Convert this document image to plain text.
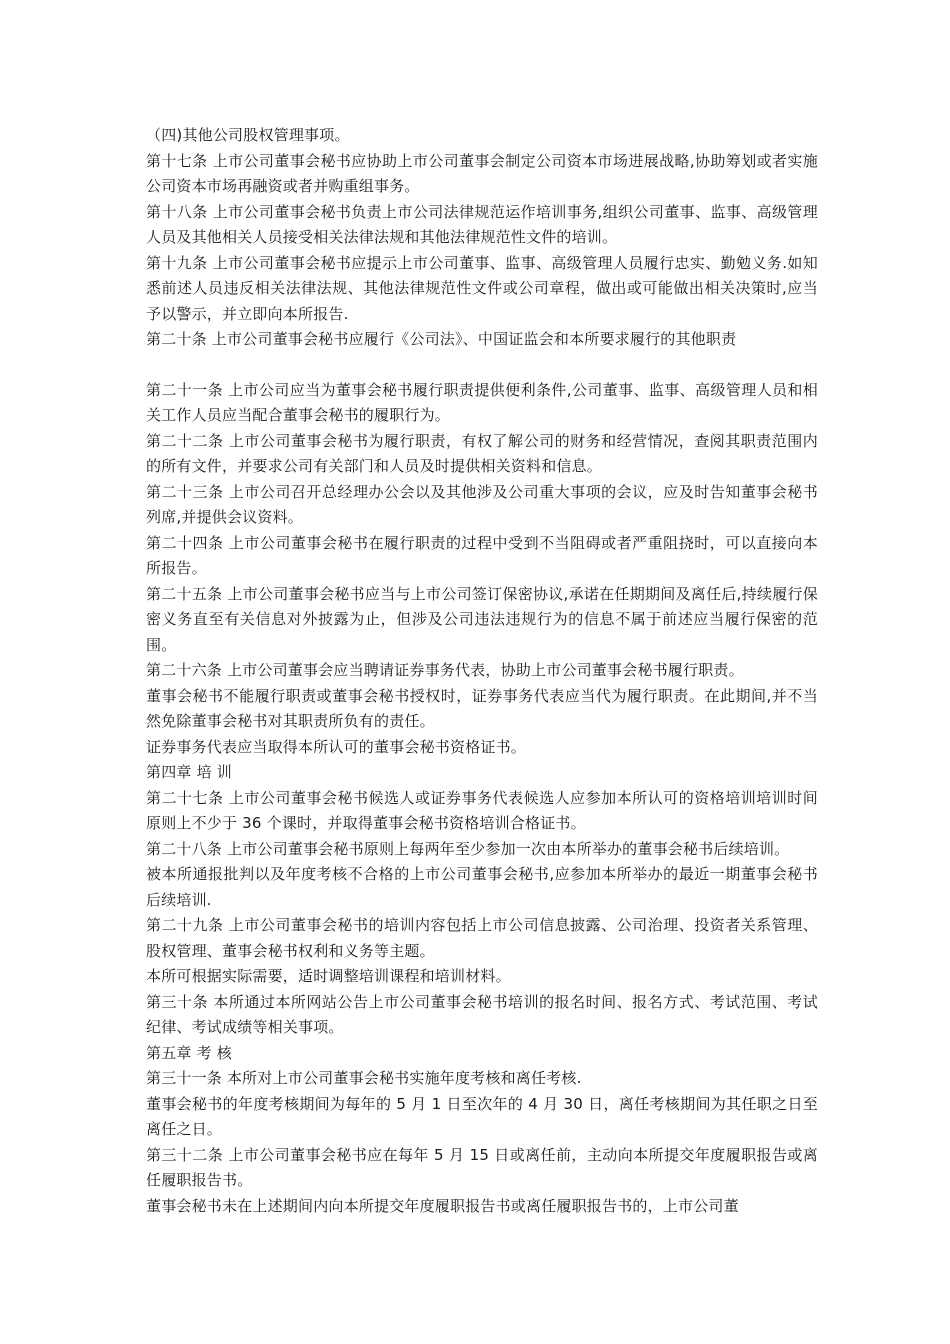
（四)其他公司股权管理事项。

第十七条 上市公司董事会秘书应协助上市公司董事会制定公司资本市场进展战略,协助筹划或者实施公司资本市场再融资或者并购重组事务。

第十八条 上市公司董事会秘书负责上市公司法律规范运作培训事务,组织公司董事、监事、高级管理人员及其他相关人员接受相关法律法规和其他法律规范性文件的培训。

第十九条 上市公司董事会秘书应提示上市公司董事、监事、高级管理人员履行忠实、勤勉义务.如知悉前述人员违反相关法律法规、其他法律规范性文件或公司章程，做出或可能做出相关决策时,应当予以警示，并立即向本所报告.

第二十条 上市公司董事会秘书应履行《公司法》、中国证监会和本所要求履行的其他职责

第二十一条 上市公司应当为董事会秘书履行职责提供便利条件,公司董事、监事、高级管理人员和相关工作人员应当配合董事会秘书的履职行为。

第二十二条 上市公司董事会秘书为履行职责，有权了解公司的财务和经营情况，查阅其职责范围内的所有文件，并要求公司有关部门和人员及时提供相关资料和信息。

第二十三条 上市公司召开总经理办公会以及其他涉及公司重大事项的会议，应及时告知董事会秘书列席,并提供会议资料。

第二十四条 上市公司董事会秘书在履行职责的过程中受到不当阻碍或者严重阻挠时，可以直接向本所报告。

第二十五条 上市公司董事会秘书应当与上市公司签订保密协议,承诺在任期期间及离任后,持续履行保密义务直至有关信息对外披露为止，但涉及公司违法违规行为的信息不属于前述应当履行保密的范围。

第二十六条 上市公司董事会应当聘请证券事务代表，协助上市公司董事会秘书履行职责。

董事会秘书不能履行职责或董事会秘书授权时，证券事务代表应当代为履行职责。在此期间,并不当然免除董事会秘书对其职责所负有的责任。

证券事务代表应当取得本所认可的董事会秘书资格证书。

第四章 培 训

第二十七条 上市公司董事会秘书候选人或证券事务代表候选人应参加本所认可的资格培训培训时间原则上不少于 36 个课时，并取得董事会秘书资格培训合格证书。

第二十八条 上市公司董事会秘书原则上每两年至少参加一次由本所举办的董事会秘书后续培训。

被本所通报批判以及年度考核不合格的上市公司董事会秘书,应参加本所举办的最近一期董事会秘书后续培训.

第二十九条 上市公司董事会秘书的培训内容包括上市公司信息披露、公司治理、投资者关系管理、股权管理、董事会秘书权利和义务等主题。

本所可根据实际需要，适时调整培训课程和培训材料。

第三十条 本所通过本所网站公告上市公司董事会秘书培训的报名时间、报名方式、考试范围、考试纪律、考试成绩等相关事项。

第五章 考 核

第三十一条 本所对上市公司董事会秘书实施年度考核和离任考核.

董事会秘书的年度考核期间为每年的 5 月 1 日至次年的 4 月 30 日，离任考核期间为其任职之日至离任之日。

第三十二条 上市公司董事会秘书应在每年 5 月 15 日或离任前，主动向本所提交年度履职报告或离任履职报告书。

董事会秘书未在上述期间内向本所提交年度履职报告书或离任履职报告书的，上市公司董
